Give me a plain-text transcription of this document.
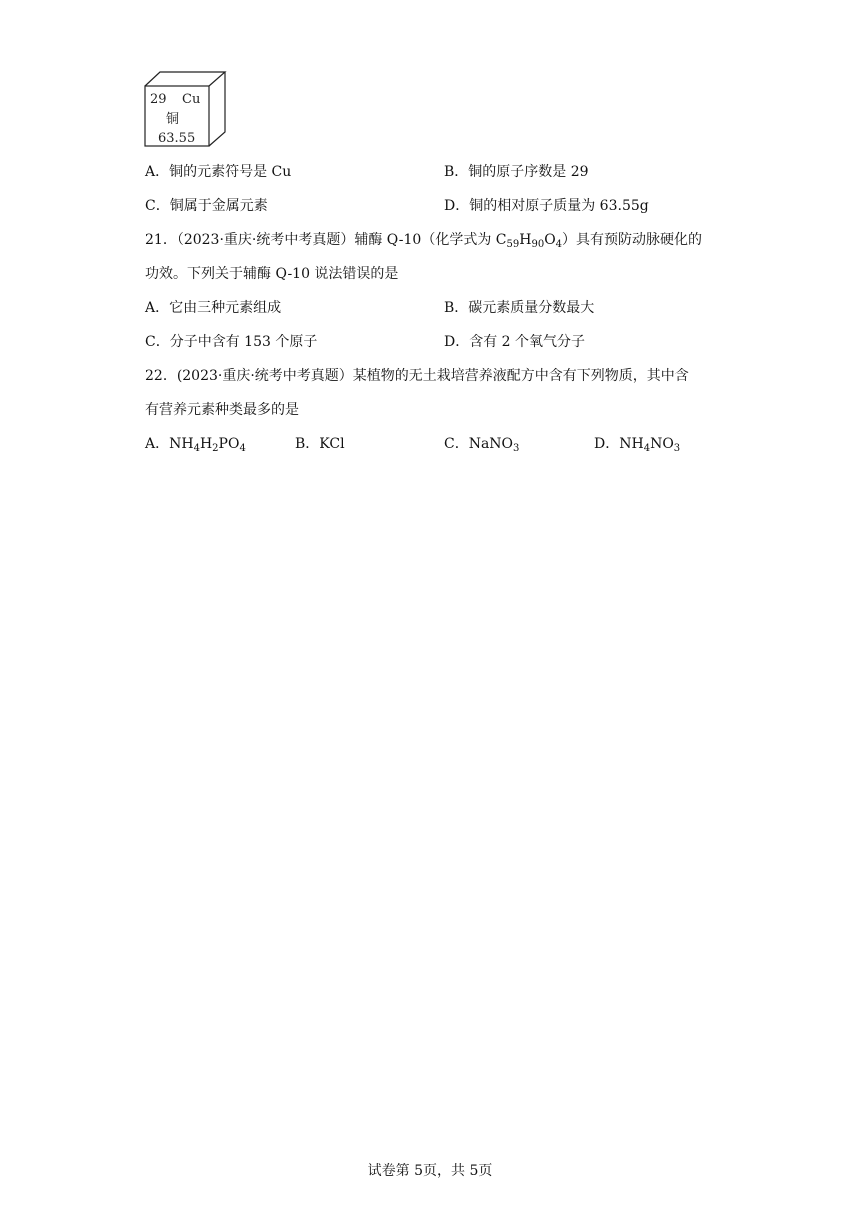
29 Cu
铜
63.55
A．铜的元素符号是 Cu	B．铜的原子序数是 29
C．铜属于金属元素	D．铜的相对原子质量为 63.55g
21．（2023·重庆·统考中考真题）辅酶 Q-10（化学式为 $C_{59}H_{90}O_4$）具有预防动脉硬化的
功效。下列关于辅酶 Q-10 说法错误的是
A．它由三种元素组成	B．碳元素质量分数最大
C．分子中含有 153 个原子	D．含有 2 个氧气分子
22．(2023·重庆·统考中考真题）某植物的无土栽培营养液配方中含有下列物质，其中含
有营养元素种类最多的是
A．$NH_4H_2PO_4$	B．KCl	C．NaNO$_3$	D．$NH_4NO_3$
试卷第 5页，共 5页
